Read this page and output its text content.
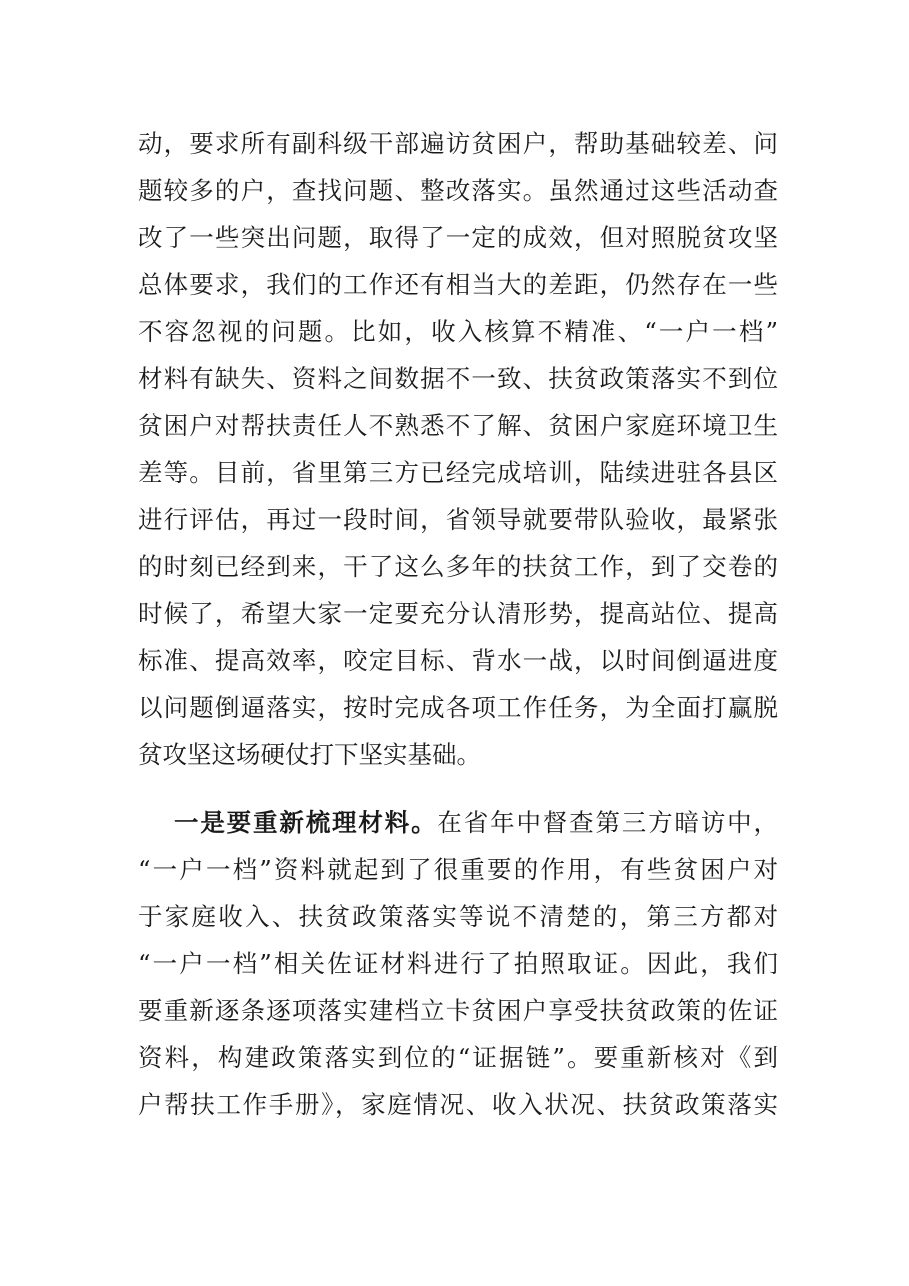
动，要求所有副科级干部遍访贫困户，帮助基础较差、问
题较多的户，查找问题、整改落实。虽然通过这些活动查
改了一些突出问题，取得了一定的成效，但对照脱贫攻坚
总体要求，我们的工作还有相当大的差距，仍然存在一些
不容忽视的问题。比如，收入核算不精准、“一户一档”
材料有缺失、资料之间数据不一致、扶贫政策落实不到位
贫困户对帮扶责任人不熟悉不了解、贫困户家庭环境卫生
差等。目前，省里第三方已经完成培训，陆续进驻各县区
进行评估，再过一段时间，省领导就要带队验收，最紧张
的时刻已经到来，干了这么多年的扶贫工作，到了交卷的
时候了，希望大家一定要充分认清形势，提高站位、提高
标准、提高效率，咬定目标、背水一战，以时间倒逼进度
以问题倒逼落实，按时完成各项工作任务，为全面打赢脱
贫攻坚这场硬仗打下坚实基础。
一是要重新梳理材料。在省年中督查第三方暗访中，
“一户一档”资料就起到了很重要的作用，有些贫困户对
于家庭收入、扶贫政策落实等说不清楚的，第三方都对
“一户一档”相关佐证材料进行了拍照取证。因此，我们
要重新逐条逐项落实建档立卡贫困户享受扶贫政策的佐证
资料，构建政策落实到位的“证据链”。要重新核对《到
户帮扶工作手册》，家庭情况、收入状况、扶贫政策落实
